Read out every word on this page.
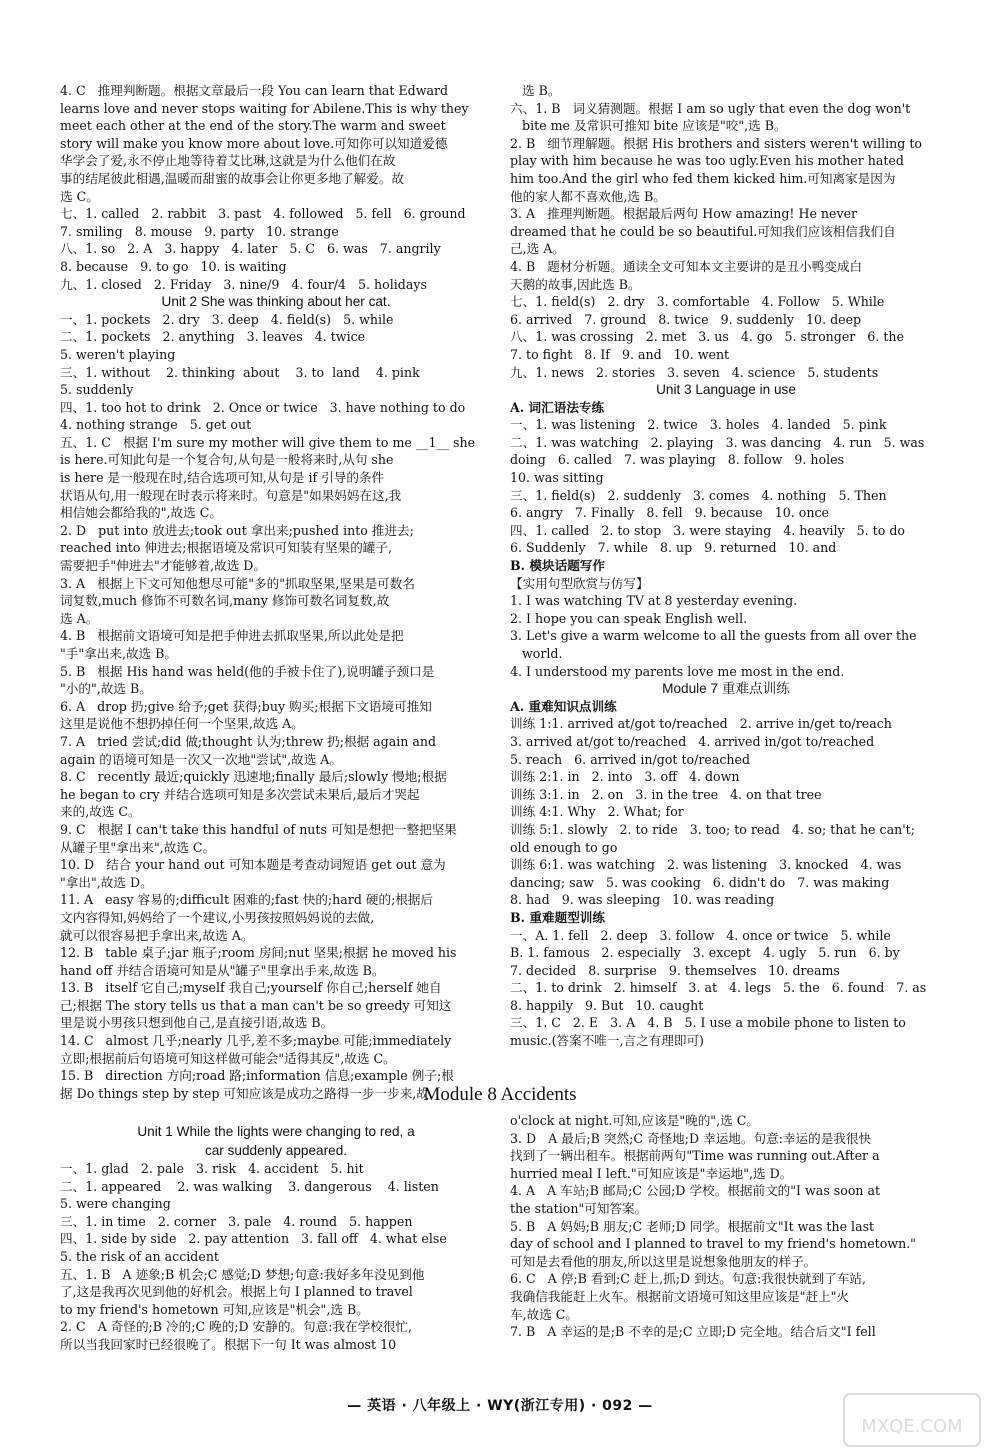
4. C   推理判断题。根据文章最后一段 You can learn that Edward
learns love and never stops waiting for Abilene.This is why they
meet each other at the end of the story.The warm and sweet
story will make you know more about love.可知你可以知道爱德
华学会了爱,永不停止地等待着艾比琳,这就是为什么他们在故
事的结尾彼此相遇,温暖而甜蜜的故事会让你更多地了解爱。故
选 C。
七、1. called   2. rabbit   3. past   4. followed   5. fell   6. ground
7. smiling   8. mouse   9. party   10. strange
八、1. so   2. A   3. happy   4. later   5. C   6. was   7. angrily
8. because   9. to go   10. is waiting
九、1. closed   2. Friday   3. nine/9   4. four/4   5. holidays
Unit 2 She was thinking about her cat.
一、1. pockets   2. dry   3. deep   4. field(s)   5. while
二、1. pockets   2. anything   3. leaves   4. twice
5. weren't playing
三、1. without    2. thinking  about    3. to  land    4. pink
5. suddenly
四、1. too hot to drink   2. Once or twice   3. have nothing to do
4. nothing strange   5. get out
五、1. C   根据 I'm sure my mother will give them to me __1__ she
is here.可知此句是一个复合句,从句是一般将来时,从句 she
is here 是一般现在时,结合选项可知,从句是 if 引导的条件
状语从句,用一般现在时表示将来时。句意是"如果妈妈在这,我
相信她会都给我的",故选 C。
2. D   put into 放进去;took out 拿出来;pushed into 推进去;
reached into 伸进去;根据语境及常识可知装有坚果的罐子,
需要把手"伸进去"才能够着,故选 D。
3. A   根据上下文可知他想尽可能"多的"抓取坚果,坚果是可数名
词复数,much 修饰不可数名词,many 修饰可数名词复数,故
选 A。
4. B   根据前文语境可知是把手伸进去抓取坚果,所以此处是把
"手"拿出来,故选 B。
5. B   根据 His hand was held(他的手被卡住了),说明罐子颈口是
"小的",故选 B。
6. A   drop 扔;give 给予;get 获得;buy 购买;根据下文语境可推知
这里是说他不想扔掉任何一个坚果,故选 A。
7. A   tried 尝试;did 做;thought 认为;threw 扔;根据 again and
again 的语境可知是一次又一次地"尝试",故选 A。
8. C   recently 最近;quickly 迅速地;finally 最后;slowly 慢地;根据
he began to cry 并结合选项可知是多次尝试未果后,最后才哭起
来的,故选 C。
9. C   根据 I can't take this handful of nuts 可知是想把一整把坚果
从罐子里"拿出来",故选 C。
10. D   结合 your hand out 可知本题是考查动词短语 get out 意为
"拿出",故选 D。
11. A   easy 容易的;difficult 困难的;fast 快的;hard 硬的;根据后
文内容得知,妈妈给了一个建议,小男孩按照妈妈说的去做,
就可以很容易把手拿出来,故选 A。
12. B   table 桌子;jar 瓶子;room 房间;nut 坚果;根据 he moved his
hand off 并结合语境可知是从"罐子"里拿出手来,故选 B。
13. B   itself 它自己;myself 我自己;yourself 你自己;herself 她自
己;根据 The story tells us that a man can't be so greedy 可知这
里是说小男孩只想到他自己,是直接引语,故选 B。
14. C   almost 几乎;nearly 几乎,差不多;maybe 可能;immediately
立即;根据前后句语境可知这样做可能会"适得其反",故选 C。
15. B   direction 方向;road 路;information 信息;example 例子;根
据 Do things step by step 可知应该是成功之路得一步一步来,故
选 B。
六、1. B   词义猜测题。根据 I am so ugly that even the dog won't
bite me 及常识可推知 bite 应该是"咬",选 B。
2. B   细节理解题。根据 His brothers and sisters weren't willing to
play with him because he was too ugly.Even his mother hated
him too.And the girl who fed them kicked him.可知离家是因为
他的家人都不喜欢他,选 B。
3. A   推理判断题。根据最后两句 How amazing! He never
dreamed that he could be so beautiful.可知我们应该相信我们自
己,选 A。
4. B   题材分析题。通读全文可知本文主要讲的是丑小鸭变成白
天鹅的故事,因此选 B。
七、1. field(s)   2. dry   3. comfortable   4. Follow   5. While
6. arrived   7. ground   8. twice   9. suddenly   10. deep
八、1. was crossing   2. met   3. us   4. go   5. stronger   6. the
7. to fight   8. If   9. and   10. went
九、1. news   2. stories   3. seven   4. science   5. students
Unit 3 Language in use
A. 词汇语法专练
一、1. was listening   2. twice   3. holes   4. landed   5. pink
二、1. was watching   2. playing   3. was dancing   4. run   5. was
doing   6. called   7. was playing   8. follow   9. holes
10. was sitting
三、1. field(s)   2. suddenly   3. comes   4. nothing   5. Then
6. angry   7. Finally   8. fell   9. because   10. once
四、1. called   2. to stop   3. were staying   4. heavily   5. to do
6. Suddenly   7. while   8. up   9. returned   10. and
B. 模块话题写作
【实用句型欣赏与仿写】
1. I was watching TV at 8 yesterday evening.
2. I hope you can speak English well.
3. Let's give a warm welcome to all the guests from all over the
world.
4. I understood my parents love me most in the end.
Module 7 重难点训练
A. 重难知识点训练
训练 1:1. arrived at/got to/reached   2. arrive in/get to/reach
3. arrived at/got to/reached   4. arrived in/got to/reached
5. reach   6. arrived in/got to/reached
训练 2:1. in   2. into   3. off   4. down
训练 3:1. in   2. on   3. in the tree   4. on that tree
训练 4:1. Why   2. What; for
训练 5:1. slowly   2. to ride   3. too; to read   4. so; that he can't;
old enough to go
训练 6:1. was watching   2. was listening   3. knocked   4. was
dancing; saw   5. was cooking   6. didn't do   7. was making
8. had   9. was sleeping   10. was reading
B. 重难题型训练
一、A. 1. fell   2. deep   3. follow   4. once or twice   5. while
B. 1. famous   2. especially   3. except   4. ugly   5. run   6. by
7. decided   8. surprise   9. themselves   10. dreams
二、1. to drink   2. himself   3. at   4. legs   5. the   6. found   7. as
8. happily   9. But   10. caught
三、1. C   2. E   3. A   4. B   5. I use a mobile phone to listen to
music.(答案不唯一,言之有理即可)
Module 8 Accidents
Unit 1 While the lights were changing to red, a
car suddenly appeared.
一、1. glad   2. pale   3. risk   4. accident   5. hit
二、1. appeared    2. was walking    3. dangerous    4. listen
5. were changing
三、1. in time   2. corner   3. pale   4. round   5. happen
四、1. side by side   2. pay attention   3. fall off   4. what else
5. the risk of an accident
五、1. B   A 迹象;B 机会;C 感觉;D 梦想;句意:我好多年没见到他
了,这是我再次见到他的好机会。根据上句 I planned to travel
to my friend's hometown 可知,应该是"机会",选 B。
2. C   A 奇怪的;B 冷的;C 晚的;D 安静的。句意:我在学校很忙,
所以当我回家时已经很晚了。根据下一句 It was almost 10
o'clock at night.可知,应该是"晚的",选 C。
3. D   A 最后;B 突然;C 奇怪地;D 幸运地。句意:幸运的是我很快
找到了一辆出租车。根据前两句"Time was running out.After a
hurried meal I left."可知应该是"幸运地",选 D。
4. A   A 车站;B 邮局;C 公园;D 学校。根据前文的"I was soon at
the station"可知答案。
5. B   A 妈妈;B 朋友;C 老师;D 同学。根据前文"It was the last
day of school and I planned to travel to my friend's hometown."
可知是去看他的朋友,所以这里是说想象他朋友的样子。
6. C   A 停;B 看到;C 赶上,抓;D 到达。句意:我很快就到了车站,
我确信我能赶上火车。根据前文语境可知这里应该是"赶上"火
车,故选 C。
7. B   A 幸运的是;B 不幸的是;C 立即;D 完全地。结合后文"I fell
— 英语 · 八年级上 · WY(浙江专用) · 092 —
MXQE.COM
